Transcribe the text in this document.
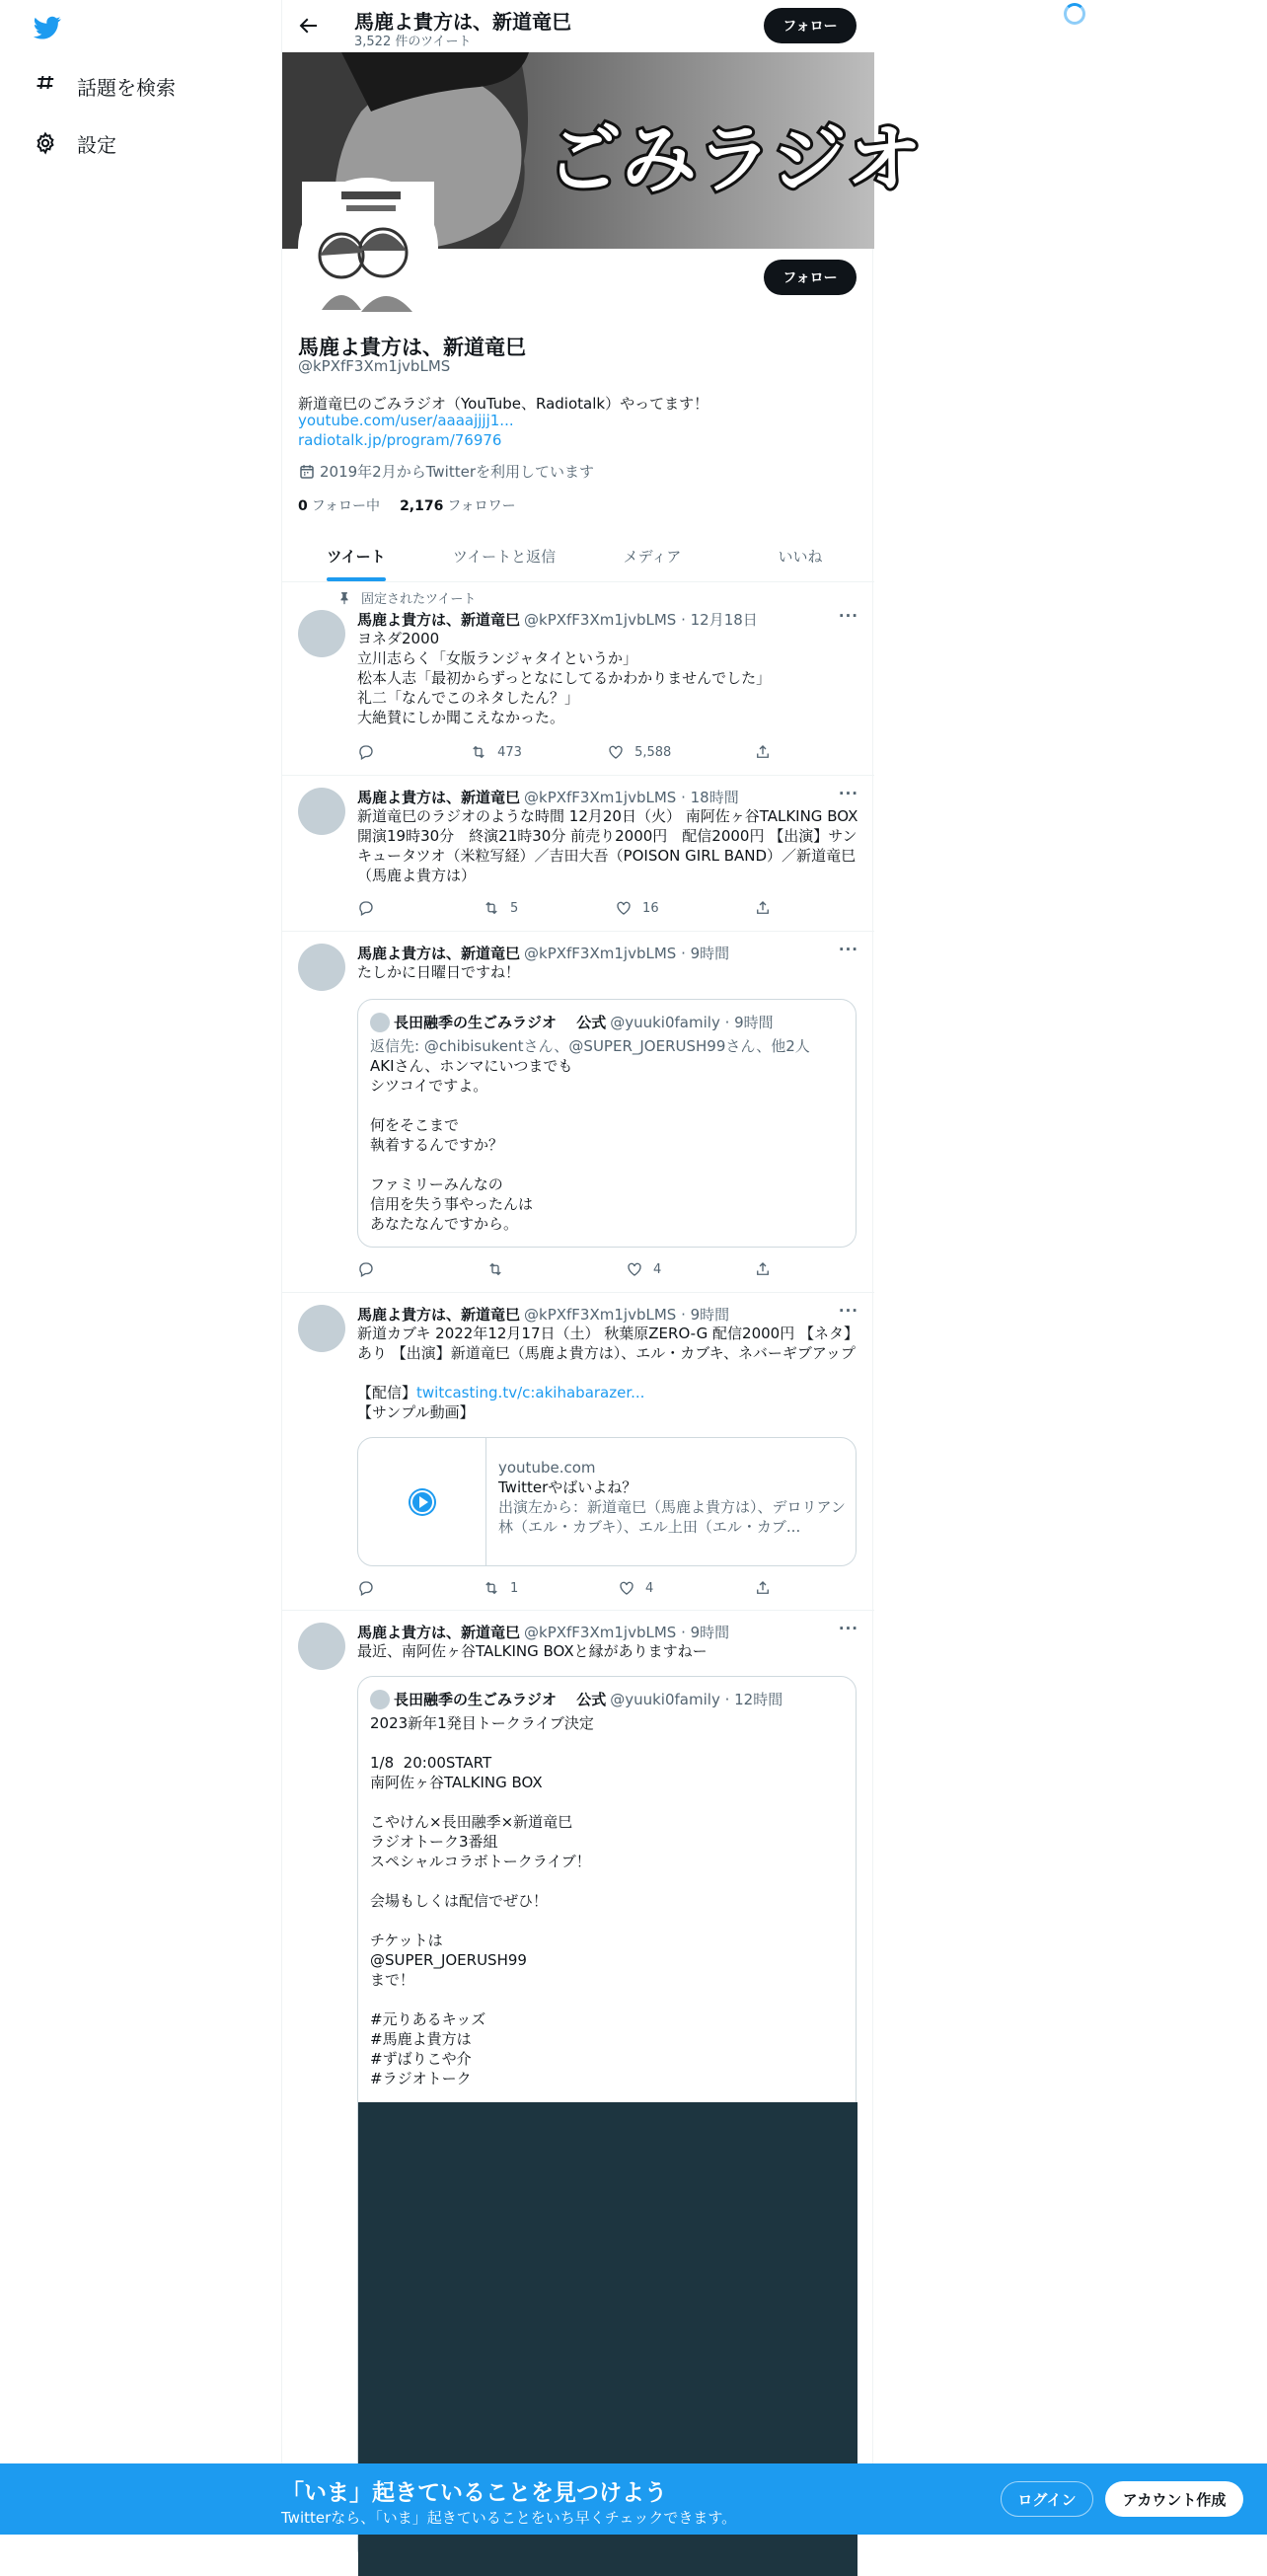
話題を検索
設定
馬鹿よ貴方は、新道竜巳
3,522 件のツイート
フォロー
ごみラジオ
フォロー
馬鹿よ貴方は、新道竜巳
@kPXfF3Xm1jvbLMS
新道竜巳のごみラジオ（YouTube、Radiotalk）やってます！
youtube.com/user/aaaajjjj1...
radiotalk.jp/program/76976
2019年2月からTwitterを利用しています
0 フォロー中 2,176 フォロワー
ツイート	ツイートと返信	メディア	いいね
固定されたツイート
馬鹿よ貴方は、新道竜巳 @kPXfF3Xm1jvbLMS · 12月18日	···
ヨネダ2000
立川志らく「女版ランジャタイというか」
松本人志「最初からずっとなにしてるかわかりませんでした」
礼二「なんでこのネタしたん？」
大絶賛にしか聞こえなかった。
473	5,588
馬鹿よ貴方は、新道竜巳 @kPXfF3Xm1jvbLMS · 18時間	···
新道竜巳のラジオのような時間 12月20日（火） 南阿佐ヶ谷TALKING BOX 開演19時30分　終演21時30分 前売り2000円　配信2000円 【出演】サンキュータツオ（米粒写経）／吉田大吾（POISON GIRL BAND）／新道竜巳（馬鹿よ貴方は）
5	16
馬鹿よ貴方は、新道竜巳 @kPXfF3Xm1jvbLMS · 9時間	···
たしかに日曜日ですね！
長田融季の生ごみラジオ　 公式 @yuuki0family · 9時間
返信先: @chibisukentさん、@SUPER_JOERUSH99さん、他2人
AKIさん、ホンマにいつまでも
シツコイですよ。

何をそこまで
執着するんですか？

ファミリーみんなの
信用を失う事やったんは
あなたなんですから。
4
馬鹿よ貴方は、新道竜巳 @kPXfF3Xm1jvbLMS · 9時間	···
新道カブキ 2022年12月17日（土） 秋葉原ZERO-G 配信2000円 【ネタ】あり 【出演】新道竜巳（馬鹿よ貴方は）、エル・カブキ、ネバーギブアップ
【配信】twitcasting.tv/c:akihabarazer...
【サンプル動画】
youtube.com
Twitterやばいよね？
出演左から：新道竜巳（馬鹿よ貴方は）、デロリアン林（エル・カブキ）、エル上田（エル・カブ...
1	4
馬鹿よ貴方は、新道竜巳 @kPXfF3Xm1jvbLMS · 9時間	···
最近、南阿佐ヶ谷TALKING BOXと縁がありますねー
長田融季の生ごみラジオ　 公式 @yuuki0family · 12時間
2023新年1発目トークライブ決定

1/8  20:00START
南阿佐ヶ谷TALKING BOX

こやけん×長田融季×新道竜巳
ラジオトーク3番組
スペシャルコラボトークライブ！

会場もしくは配信でぜひ！

チケットは
@SUPER_JOERUSH99
まで！

#元りあるキッズ
#馬鹿よ貴方は
#ずばりこや介
#ラジオトーク
「いま」起きていることを見つけよう
Twitterなら、「いま」起きていることをいち早くチェックできます。
ログイン	アカウント作成
